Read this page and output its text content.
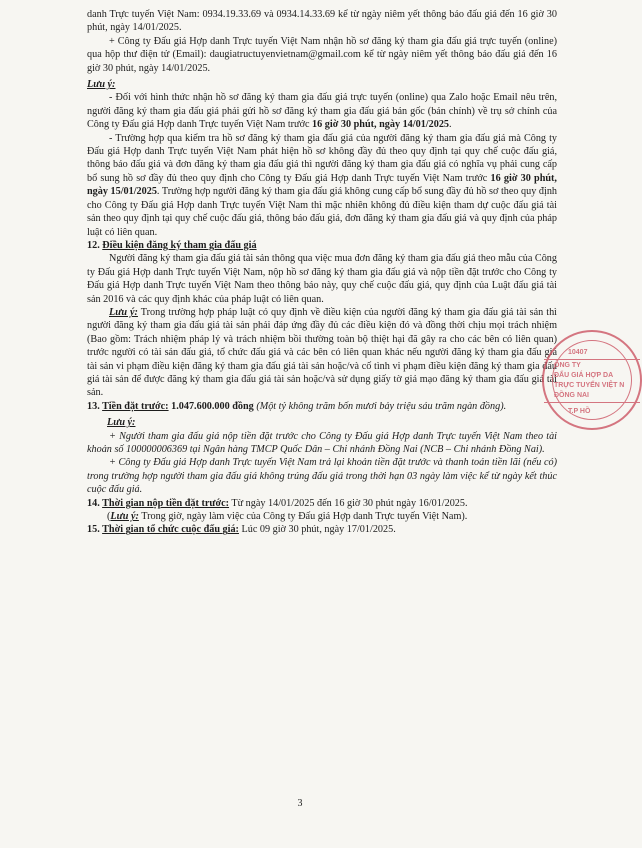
danh Trực tuyến Việt Nam: 0934.19.33.69 và 0934.14.33.69 kể từ ngày niêm yết thông báo đấu giá đến 16 giờ 30 phút, ngày 14/01/2025.

+ Công ty Đấu giá Hợp danh Trực tuyến Việt Nam nhận hồ sơ đăng ký tham gia đấu giá trực tuyến (online) qua hộp thư điện tử (Email): daugiatructuyenvietnam@gmail.com kể từ ngày niêm yết thông báo đấu giá đến 16 giờ 30 phút, ngày 14/01/2025.

Lưu ý:

- Đối với hình thức nhận hồ sơ đăng ký tham gia đấu giá trực tuyến (online) qua Zalo hoặc Email nêu trên, người đăng ký tham gia đấu giá phải gửi hồ sơ đăng ký tham gia đấu giá bản gốc (bản chính) về trụ sở chính của Công ty Đấu giá Hợp danh Trực tuyến Việt Nam trước 16 giờ 30 phút, ngày 14/01/2025.

- Trường hợp qua kiểm tra hồ sơ đăng ký tham gia đấu giá của người đăng ký tham gia đấu giá mà Công ty Đấu giá Hợp danh Trực tuyến Việt Nam phát hiện hồ sơ không đầy đủ theo quy định tại quy chế cuộc đấu giá, thông báo đấu giá và đơn đăng ký tham gia đấu giá thì người đăng ký tham gia đấu giá có nghĩa vụ phải cung cấp bổ sung hồ sơ đầy đủ theo quy định cho Công ty Đấu giá Hợp danh Trực tuyến Việt Nam trước 16 giờ 30 phút, ngày 15/01/2025. Trường hợp người đăng ký tham gia đấu giá không cung cấp bổ sung đầy đủ hồ sơ theo quy định cho Công ty Đấu giá Hợp danh Trực tuyến Việt Nam thì mặc nhiên không đủ điều kiện tham dự cuộc đấu giá tài sản theo quy định tại quy chế cuộc đấu giá, thông báo đấu giá, đơn đăng ký tham gia đấu giá và quy định của pháp luật có liên quan.

12. Điều kiện đăng ký tham gia đấu giá

Người đăng ký tham gia đấu giá tài sản thông qua việc mua đơn đăng ký tham gia đấu giá theo mẫu của Công ty Đấu giá Hợp danh Trực tuyến Việt Nam, nộp hồ sơ đăng ký tham gia đấu giá và nộp tiền đặt trước cho Công ty Đấu giá Hợp danh Trực tuyến Việt Nam theo thông báo này, quy chế cuộc đấu giá, quy định của Luật đấu giá tài sản 2016 và các quy định khác của pháp luật có liên quan.

Lưu ý: Trong trường hợp pháp luật có quy định về điều kiện của người đăng ký tham gia đấu giá tài sản thì người đăng ký tham gia đấu giá tài sản phải đáp ứng đầy đủ các điều kiện đó và đồng thời chịu mọi trách nhiệm (Bao gồm: Trách nhiệm pháp lý và trách nhiệm bồi thường toàn bộ thiệt hại đã gây ra cho các bên có liên quan) trước người có tài sản đấu giá, tổ chức đấu giá và các bên có liên quan khác nếu người đăng ký tham gia đấu giá tài sản vi phạm điều kiện đăng ký tham gia đấu giá tài sản hoặc/và cố tình vi phạm điều kiện đăng ký tham gia đấu giá tài sản để được đăng ký tham gia đấu giá tài sản hoặc/và sử dụng giấy tờ giả mạo đăng ký tham gia đấu giá tài sản.

13. Tiền đặt trước: 1.047.600.000 đồng (Một tỷ không trăm bốn mươi bảy triệu sáu trăm ngàn đồng).

Lưu ý:

+ Người tham gia đấu giá nộp tiền đặt trước cho Công ty Đấu giá Hợp danh Trực tuyến Việt Nam theo tài khoản số 100000006369 tại Ngân hàng TMCP Quốc Dân – Chi nhánh Đồng Nai (NCB – Chi nhánh Đồng Nai).

+ Công ty Đấu giá Hợp danh Trực tuyến Việt Nam trả lại khoản tiền đặt trước và thanh toán tiền lãi (nếu có) trong trường hợp người tham gia đấu giá không trúng đấu giá trong thời hạn 03 ngày làm việc kể từ ngày kết thúc cuộc đấu giá.

14. Thời gian nộp tiền đặt trước: Từ ngày 14/01/2025 đến 16 giờ 30 phút ngày 16/01/2025.

(Lưu ý: Trong giờ, ngày làm việc của Công ty Đấu giá Hợp danh Trực tuyến Việt Nam).

15. Thời gian tổ chức cuộc đấu giá: Lúc 09 giờ 30 phút, ngày 17/01/2025.

10407
ÔNG TY
ĐẤU GIÁ HỢP DA
TRỰC TUYẾN VIỆT N
ĐỒNG NAI
T.P HỒ
3
